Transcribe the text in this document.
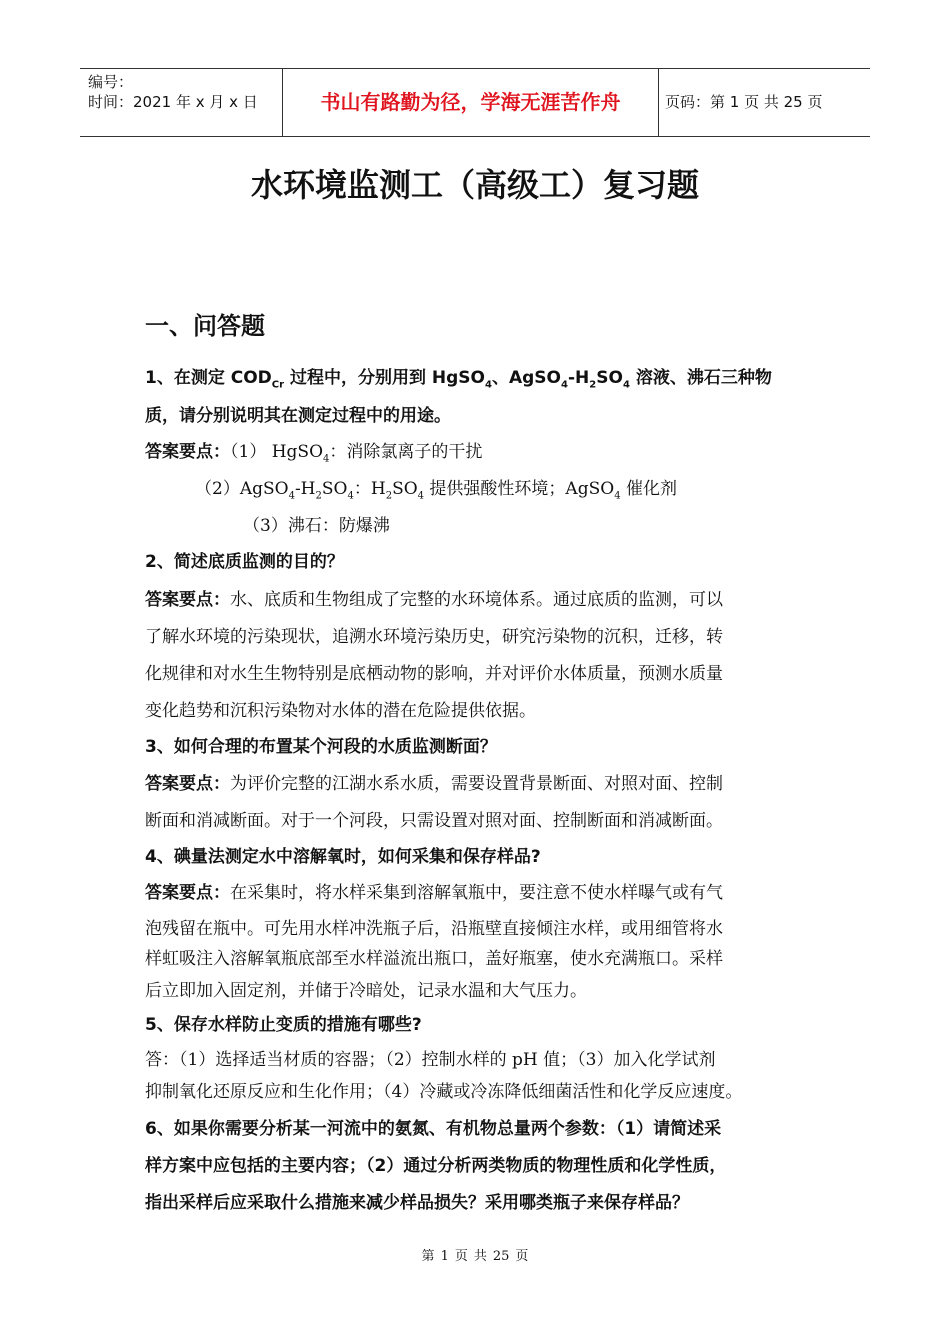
编号：
时间：2021 年 x 月 x 日	书山有路勤为径，学海无涯苦作舟	页码：第 1 页 共 25 页
水环境监测工（高级工）复习题
一、问答题
1、在测定 $COD_{Cr}$ 过程中，分别用到 HgSO$_4$、$AgSO_4-H_2SO_4$ 溶液、沸石三种物
质，请分别说明其在测定过程中的用途。
答案要点：（1） HgSO$_4$：消除氯离子的干扰
$(2)AgSO_4-H_2SO_4$：$H_2SO_4$ 提供强酸性环境；AgSO$_4$ 催化剂
（3）沸石：防爆沸
2、简述底质监测的目的？
答案要点：水、底质和生物组成了完整的水环境体系。通过底质的监测，可以
了解水环境的污染现状，追溯水环境污染历史，研究污染物的沉积，迁移，转
化规律和对水生生物特别是底栖动物的影响，并对评价水体质量，预测水质量
变化趋势和沉积污染物对水体的潜在危险提供依据。
3、如何合理的布置某个河段的水质监测断面？
答案要点：为评价完整的江湖水系水质，需要设置背景断面、对照对面、控制
断面和消减断面。对于一个河段，只需设置对照对面、控制断面和消减断面。
4、碘量法测定水中溶解氧时，如何采集和保存样品?
答案要点：在采集时，将水样采集到溶解氧瓶中，要注意不使水样曝气或有气
泡残留在瓶中。可先用水样冲洗瓶子后，沿瓶壁直接倾注水样，或用细管将水
样虹吸注入溶解氧瓶底部至水样溢流出瓶口，盖好瓶塞，使水充满瓶口。采样
后立即加入固定剂，并储于冷暗处，记录水温和大气压力。
5、保存水样防止变质的措施有哪些?
答：（1）选择适当材质的容器；（2）控制水样的 pH 值；（3）加入化学试剂
抑制氧化还原反应和生化作用；（4）冷藏或冷冻降低细菌活性和化学反应速度。
6、如果你需要分析某一河流中的氨氮、有机物总量两个参数：（1）请简述采
样方案中应包括的主要内容；（2）通过分析两类物质的物理性质和化学性质，
指出采样后应采取什么措施来减少样品损失？采用哪类瓶子来保存样品？
第 1 页 共 25 页
